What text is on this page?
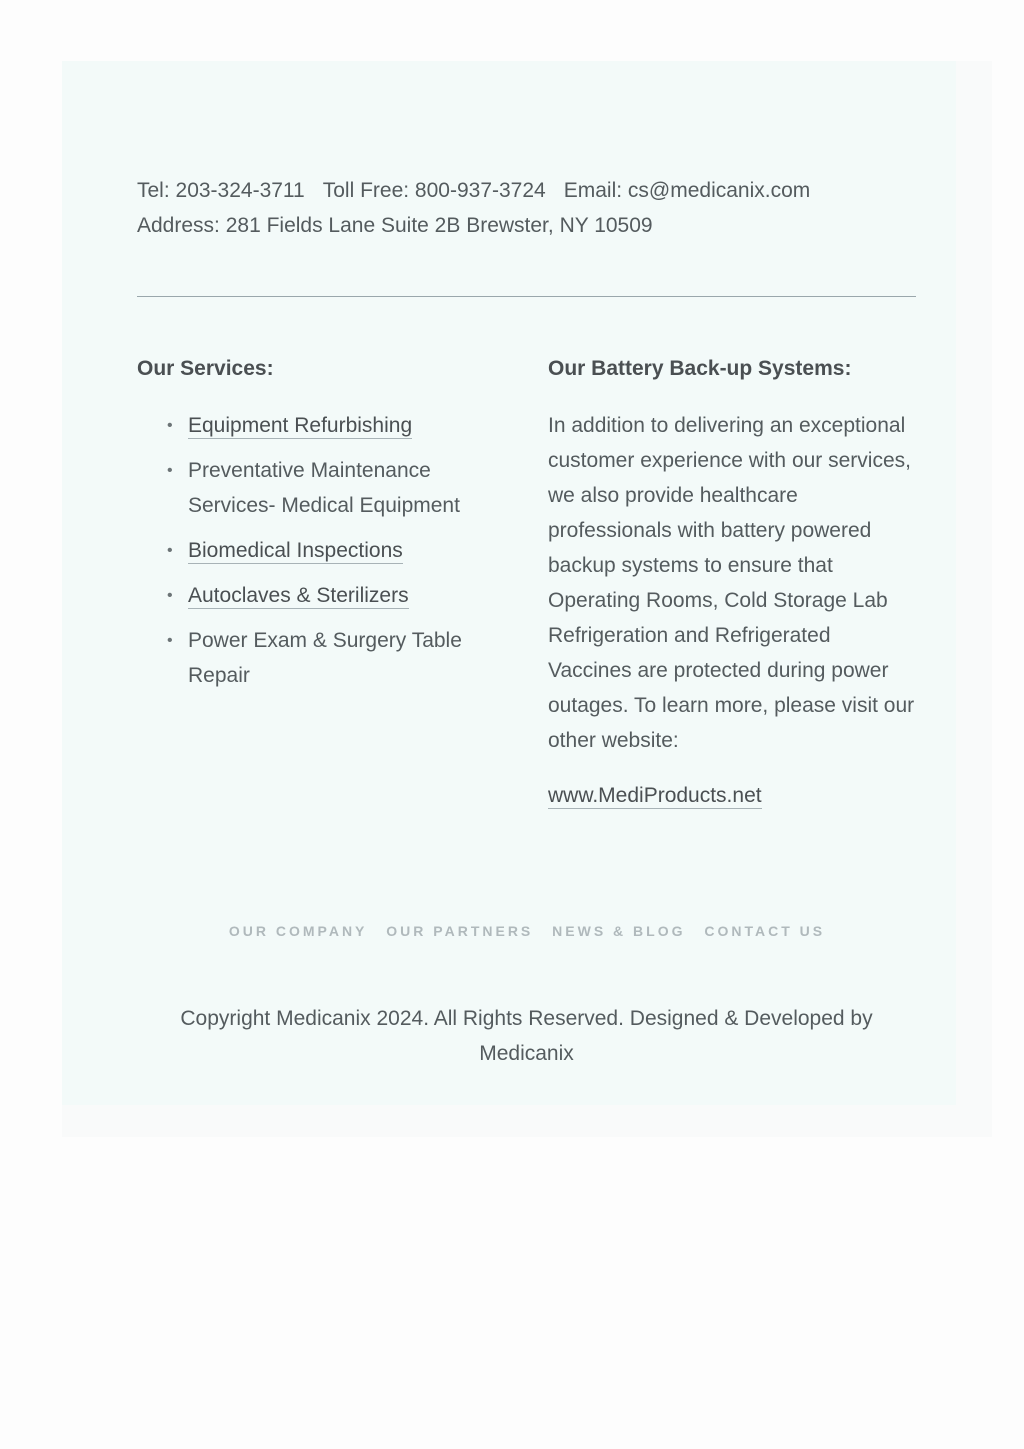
Tel: 203-324-3711 Toll Free: 800-937-3724 Email: cs@medicanix.com
Address: 281 Fields Lane Suite 2B Brewster, NY 10509
Our Services:
• Equipment Refurbishing
• Preventative Maintenance Services- Medical Equipment
• Biomedical Inspections
• Autoclaves & Sterilizers
• Power Exam & Surgery Table Repair
Our Battery Back-up Systems:

In addition to delivering an exceptional customer experience with our services, we also provide healthcare professionals with battery powered backup systems to ensure that Operating Rooms, Cold Storage Lab Refrigeration and Refrigerated Vaccines are protected during power outages. To learn more, please visit our other website:

www.MediProducts.net
OUR COMPANY OUR PARTNERS NEWS & BLOG CONTACT US
Copyright Medicanix 2024. All Rights Reserved. Designed & Developed by Medicanix
